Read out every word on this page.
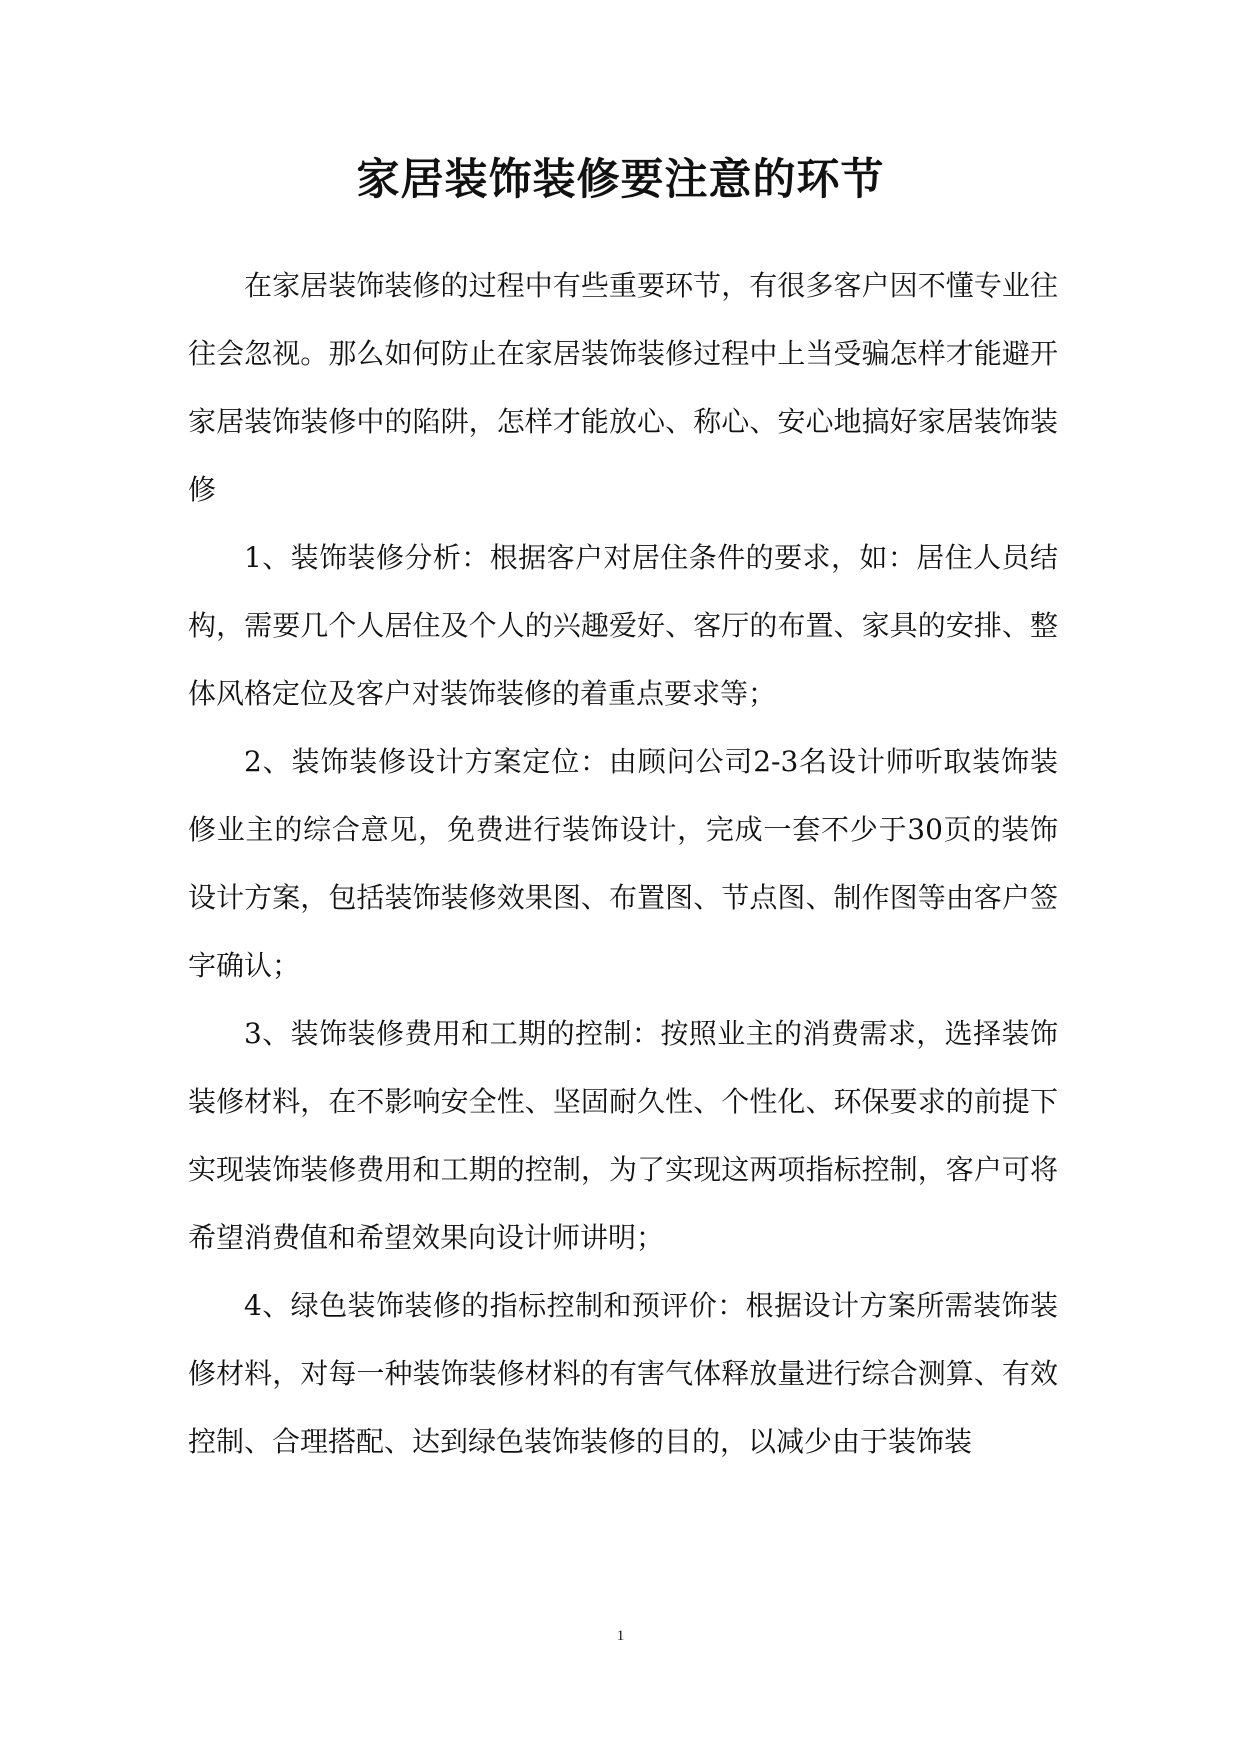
家居装饰装修要注意的环节

在家居装饰装修的过程中有些重要环节，有很多客户因不懂专业往往会忽视。那么如何防止在家居装饰装修过程中上当受骗怎样才能避开家居装饰装修中的陷阱，怎样才能放心、称心、安心地搞好家居装饰装修

1、装饰装修分析：根据客户对居住条件的要求，如：居住人员结构，需要几个人居住及个人的兴趣爱好、客厅的布置、家具的安排、整体风格定位及客户对装饰装修的着重点要求等；

2、装饰装修设计方案定位：由顾问公司2-3名设计师听取装饰装修业主的综合意见，免费进行装饰设计，完成一套不少于30页的装饰设计方案，包括装饰装修效果图、布置图、节点图、制作图等由客户签字确认；

3、装饰装修费用和工期的控制：按照业主的消费需求，选择装饰装修材料，在不影响安全性、坚固耐久性、个性化、环保要求的前提下实现装饰装修费用和工期的控制，为了实现这两项指标控制，客户可将希望消费值和希望效果向设计师讲明；

4、绿色装饰装修的指标控制和预评价：根据设计方案所需装饰装修材料，对每一种装饰装修材料的有害气体释放量进行综合测算、有效控制、合理搭配、达到绿色装饰装修的目的，以减少由于装饰装

1
